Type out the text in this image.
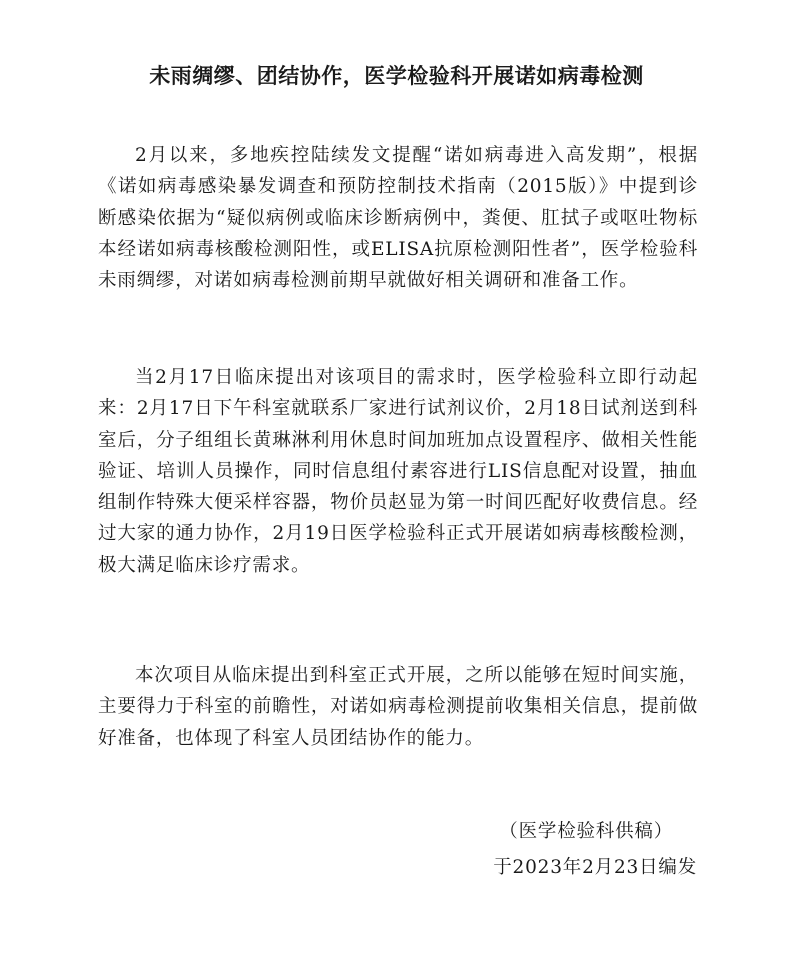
未雨绸缪、团结协作，医学检验科开展诺如病毒检测

2月以来，多地疾控陆续发文提醒“诺如病毒进入高发期”，根据《诺如病毒感染暴发调查和预防控制技术指南（2015版）》中提到诊断感染依据为“疑似病例或临床诊断病例中，粪便、肛拭子或呕吐物标本经诺如病毒核酸检测阳性，或ELISA抗原检测阳性者”，医学检验科未雨绸缪，对诺如病毒检测前期早就做好相关调研和准备工作。

当2月17日临床提出对该项目的需求时，医学检验科立即行动起来：2月17日下午科室就联系厂家进行试剂议价，2月18日试剂送到科室后，分子组组长黄琳淋利用休息时间加班加点设置程序、做相关性能验证、培训人员操作，同时信息组付素容进行LIS信息配对设置，抽血组制作特殊大便采样容器，物价员赵显为第一时间匹配好收费信息。经过大家的通力协作，2月19日医学检验科正式开展诺如病毒核酸检测，极大满足临床诊疗需求。

本次项目从临床提出到科室正式开展，之所以能够在短时间实施，主要得力于科室的前瞻性，对诺如病毒检测提前收集相关信息，提前做好准备，也体现了科室人员团结协作的能力。

（医学检验科供稿）

于2023年2月23日编发
